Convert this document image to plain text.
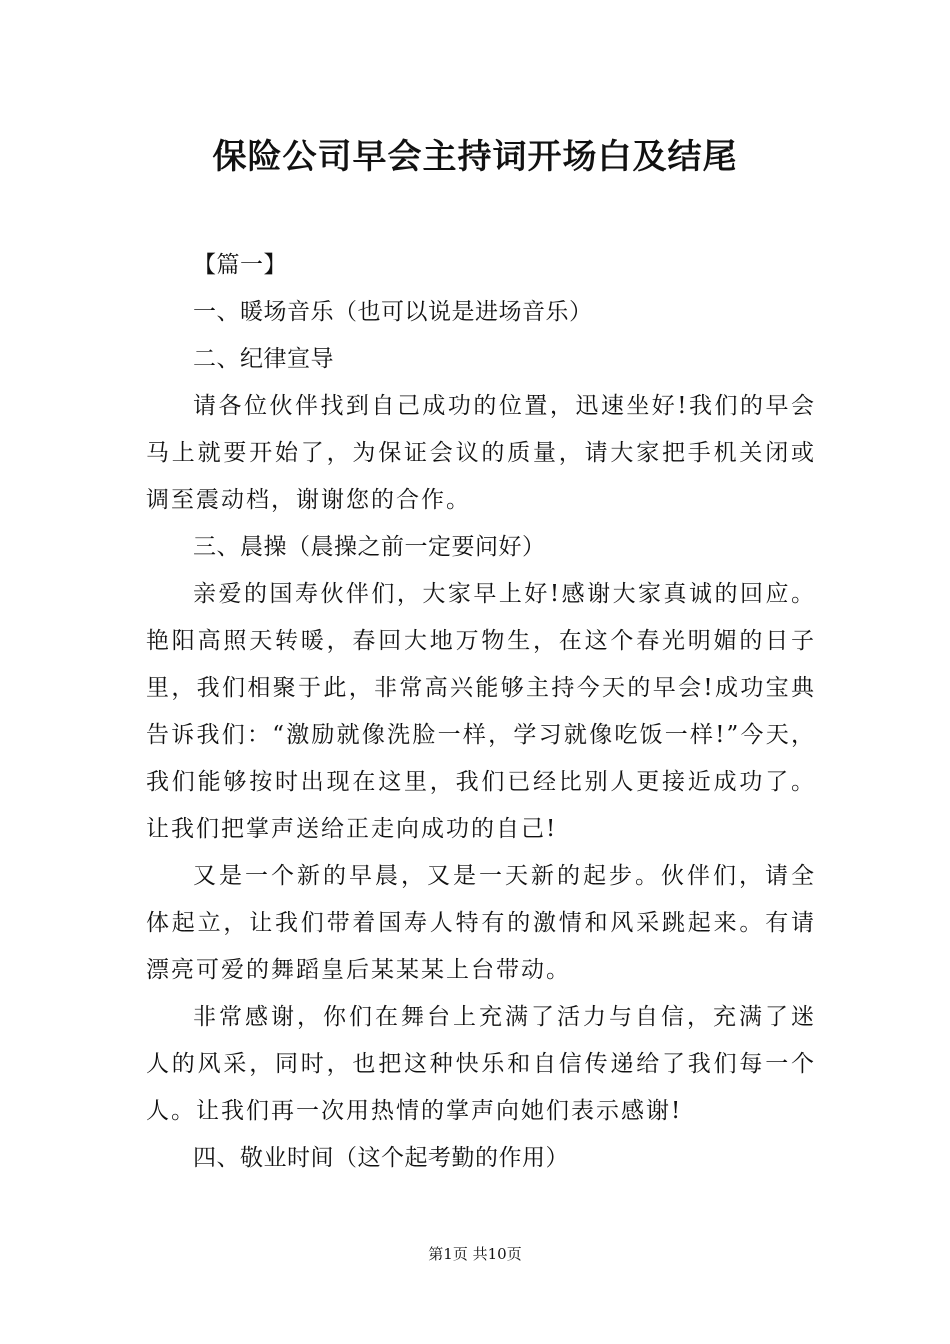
保险公司早会主持词开场白及结尾

【篇一】

一、暖场音乐（也可以说是进场音乐）

二、纪律宣导

请各位伙伴找到自己成功的位置，迅速坐好!我们的早会马上就要开始了，为保证会议的质量，请大家把手机关闭或调至震动档，谢谢您的合作。

三、晨操（晨操之前一定要问好）

亲爱的国寿伙伴们，大家早上好!感谢大家真诚的回应。艳阳高照天转暖，春回大地万物生，在这个春光明媚的日子里，我们相聚于此，非常高兴能够主持今天的早会!成功宝典告诉我们：“激励就像洗脸一样，学习就像吃饭一样!”今天，我们能够按时出现在这里，我们已经比别人更接近成功了。让我们把掌声送给正走向成功的自己!

又是一个新的早晨，又是一天新的起步。伙伴们，请全体起立，让我们带着国寿人特有的激情和风采跳起来。有请漂亮可爱的舞蹈皇后某某某上台带动。

非常感谢，你们在舞台上充满了活力与自信，充满了迷人的风采，同时，也把这种快乐和自信传递给了我们每一个人。让我们再一次用热情的掌声向她们表示感谢!

四、敬业时间（这个起考勤的作用）

第1页 共10页
